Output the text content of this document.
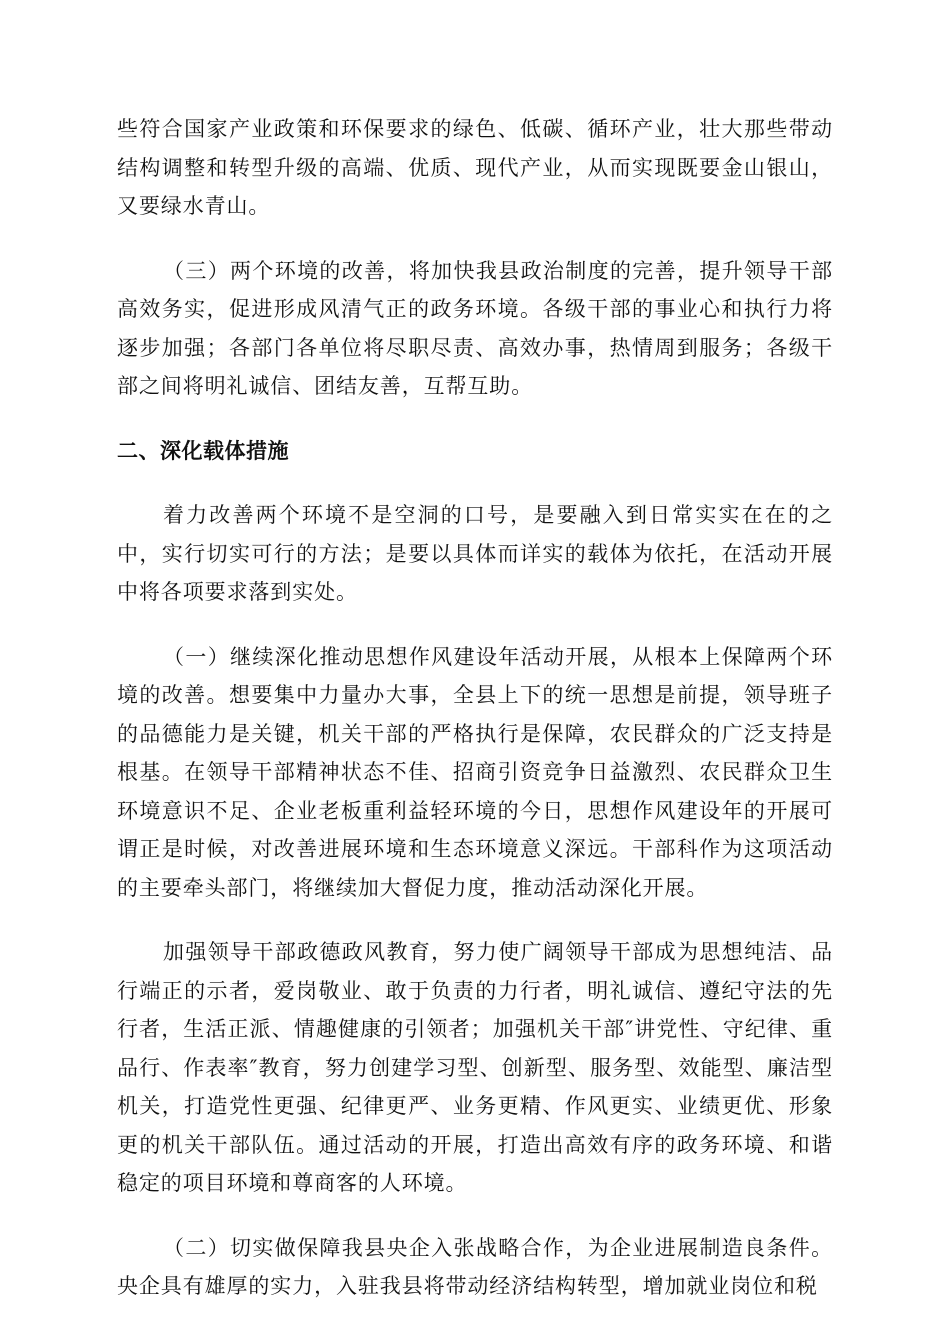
些符合国家产业政策和环保要求的绿色、低碳、循环产业，壮大那些带动结构调整和转型升级的高端、优质、现代产业，从而实现既要金山银山，又要绿水青山。

（三）两个环境的改善，将加快我县政治制度的完善，提升领导干部高效务实，促进形成风清气正的政务环境。各级干部的事业心和执行力将逐步加强；各部门各单位将尽职尽责、高效办事，热情周到服务；各级干部之间将明礼诚信、团结友善，互帮互助。

二、深化载体措施

着力改善两个环境不是空洞的口号，是要融入到日常实实在在的之中，实行切实可行的方法；是要以具体而详实的载体为依托，在活动开展中将各项要求落到实处。

（一）继续深化推动思想作风建设年活动开展，从根本上保障两个环境的改善。想要集中力量办大事，全县上下的统一思想是前提，领导班子的品德能力是关键，机关干部的严格执行是保障，农民群众的广泛支持是根基。在领导干部精神状态不佳、招商引资竞争日益激烈、农民群众卫生环境意识不足、企业老板重利益轻环境的今日，思想作风建设年的开展可谓正是时候，对改善进展环境和生态环境意义深远。干部科作为这项活动的主要牵头部门，将继续加大督促力度，推动活动深化开展。

加强领导干部政德政风教育，努力使广阔领导干部成为思想纯洁、品行端正的示者，爱岗敬业、敢于负责的力行者，明礼诚信、遵纪守法的先行者，生活正派、情趣健康的引领者；加强机关干部″讲党性、守纪律、重品行、作表率″教育，努力创建学习型、创新型、服务型、效能型、廉洁型机关，打造党性更强、纪律更严、业务更精、作风更实、业绩更优、形象更的机关干部队伍。通过活动的开展，打造出高效有序的政务环境、和谐稳定的项目环境和尊商客的人环境。

（二）切实做保障我县央企入张战略合作，为企业进展制造良条件。央企具有雄厚的实力，入驻我县将带动经济结构转型，增加就业岗位和税
